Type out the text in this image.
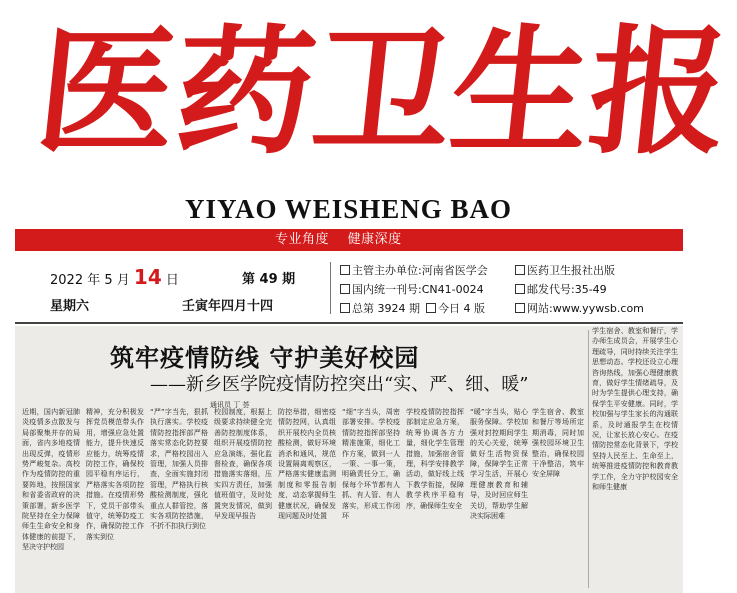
医
药
卫
生
报
YIYAO WEISHENG BAO
专业角度 健康深度
2022 年 5 月 14 日	第 49 期
星期六	壬寅年四月十四
主管主办单位:河南省医学会
国内统一刊号:CN41-0024
总第 3924 期	今日 4 版
医药卫生报社出版
邮发代号:35-49
网站:www.yywsb.com
筑牢疫情防线 守护美好校园
——新乡医学院疫情防控突出“实、严、细、暖”
通讯员 丁 荟
近期，国内新冠肺炎疫情多点散发与局部聚集并存的局面，省内多地疫情出现反弹，疫情形势严峻复杂。高校作为疫情防控的重要阵地，按照国家和省委省政府的决策部署，新乡医学院坚持在全力保障师生生命安全和身体健康的前提下，坚决守护校园
精神，充分积极发挥党员模范带头作用，增强应急处置能力，提升快速反应能力，统筹疫情防控工作，确保校园平稳有序运行，严格落实各项防控措施。在疫情形势下，党员干部带头值守，统筹防疫工作，确保防控工作落实到位
“严”字当先，狠抓执行落实。学校疫情防控指挥部严格落实常态化防控要求，严格校园出入管理，加强人员排查，全面实施封闭管理，严格执行核酸检测制度，强化重点人群管控，落实各项防控措施，不折不扣执行到位
校园制度，根据上级要求持续健全完善防控制度体系，组织开展疫情防控应急演练，强化监督检查，确保各项措施落实落细，压实四方责任，加强值班值守，及时处置突发情况，做到早发现早报告
防控举措，细密疫情防控网，认真组织开展校内全员核酸检测，做好环境消杀和通风，规范设置隔离观察区，严格落实健康监测制度和零报告制度，动态掌握师生健康状况，确保发现问题及时处置
“细”字当头，周密部署安排。学校疫情防控指挥部坚持精准施策，细化工作方案，做到一人一策、一事一策，明确责任分工，确保每个环节都有人抓、有人管、有人落实，形成工作闭环
学校疫情防控指挥部制定应急方案，统筹协调各方力量，细化学生管理措施，加强宿舍管理，科学安排教学活动，做好线上线下教学衔接，保障教学秩序平稳有序，确保师生安全
“暖”字当头，贴心服务保障。学校加强对封控期间学生的关心关爱，统筹做好生活物资保障，保障学生正常学习生活，开展心理健康教育和辅导，及时回应师生关切，帮助学生解决实际困难
学生宿舍、教室和餐厅等场所定期消毒，同时加强校园环境卫生整治，确保校园干净整洁，筑牢安全屏障
学生宿舍、教室和餐厅，学办师生成员会，开展学生心理疏导，同时持续关注学生思想动态。学校还设立心理咨询热线，加强心理健康教育，做好学生情绪疏导，及时为学生提供心理支持，确保学生平安健康。同时，学校加强与学生家长的沟通联系，及时通报学生在校情况，让家长放心安心。在疫情防控常态化背景下，学校坚持人民至上、生命至上，统筹推进疫情防控和教育教学工作，全力守护校园安全和师生健康
